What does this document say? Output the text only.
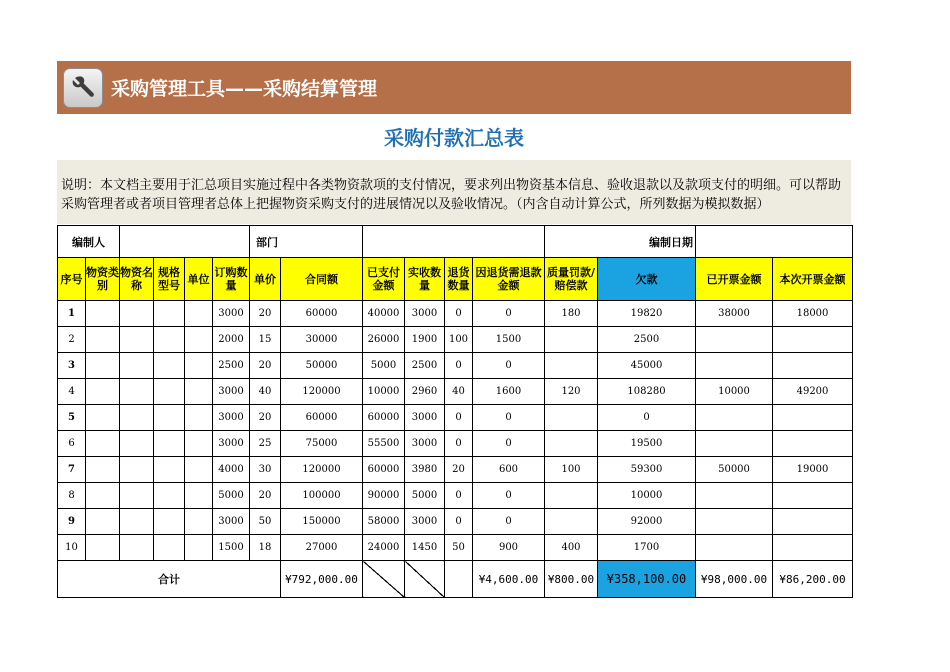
采购管理工具——采购结算管理
采购付款汇总表
说明：本文档主要用于汇总项目实施过程中各类物资款项的支付情况，要求列出物资基本信息、验收退款以及款项支付的明细。可以帮助采购管理者或者项目管理者总体上把握物资采购支付的进展情况以及验收情况。（内含自动计算公式，所列数据为模拟数据）
编制人						部门						编制日期			
序号	物资类别	物资名称	规格型号	单位	订购数量	单价	合同额	已支付金额	实收数量	退货数量	因退货需退款金额	质量罚款/赔偿款	欠款	已开票金额	本次开票金额
1					3000	20	60000	40000	3000	0	0	180	19820	38000	18000
2					2000	15	30000	26000	1900	100	1500		2500		
3					2500	20	50000	5000	2500	0	0		45000		
4					3000	40	120000	10000	2960	40	1600	120	108280	10000	49200
5					3000	20	60000	60000	3000	0	0		0		
6					3000	25	75000	55500	3000	0	0		19500		
7					4000	30	120000	60000	3980	20	600	100	59300	50000	19000
8					5000	20	100000	90000	5000	0	0		10000		
9					3000	50	150000	58000	3000	0	0		92000		
10					1500	18	27000	24000	1450	50	900	400	1700		
合计							¥792,000.00				¥4,600.00	¥800.00	¥358,100.00	¥98,000.00	¥86,200.00
